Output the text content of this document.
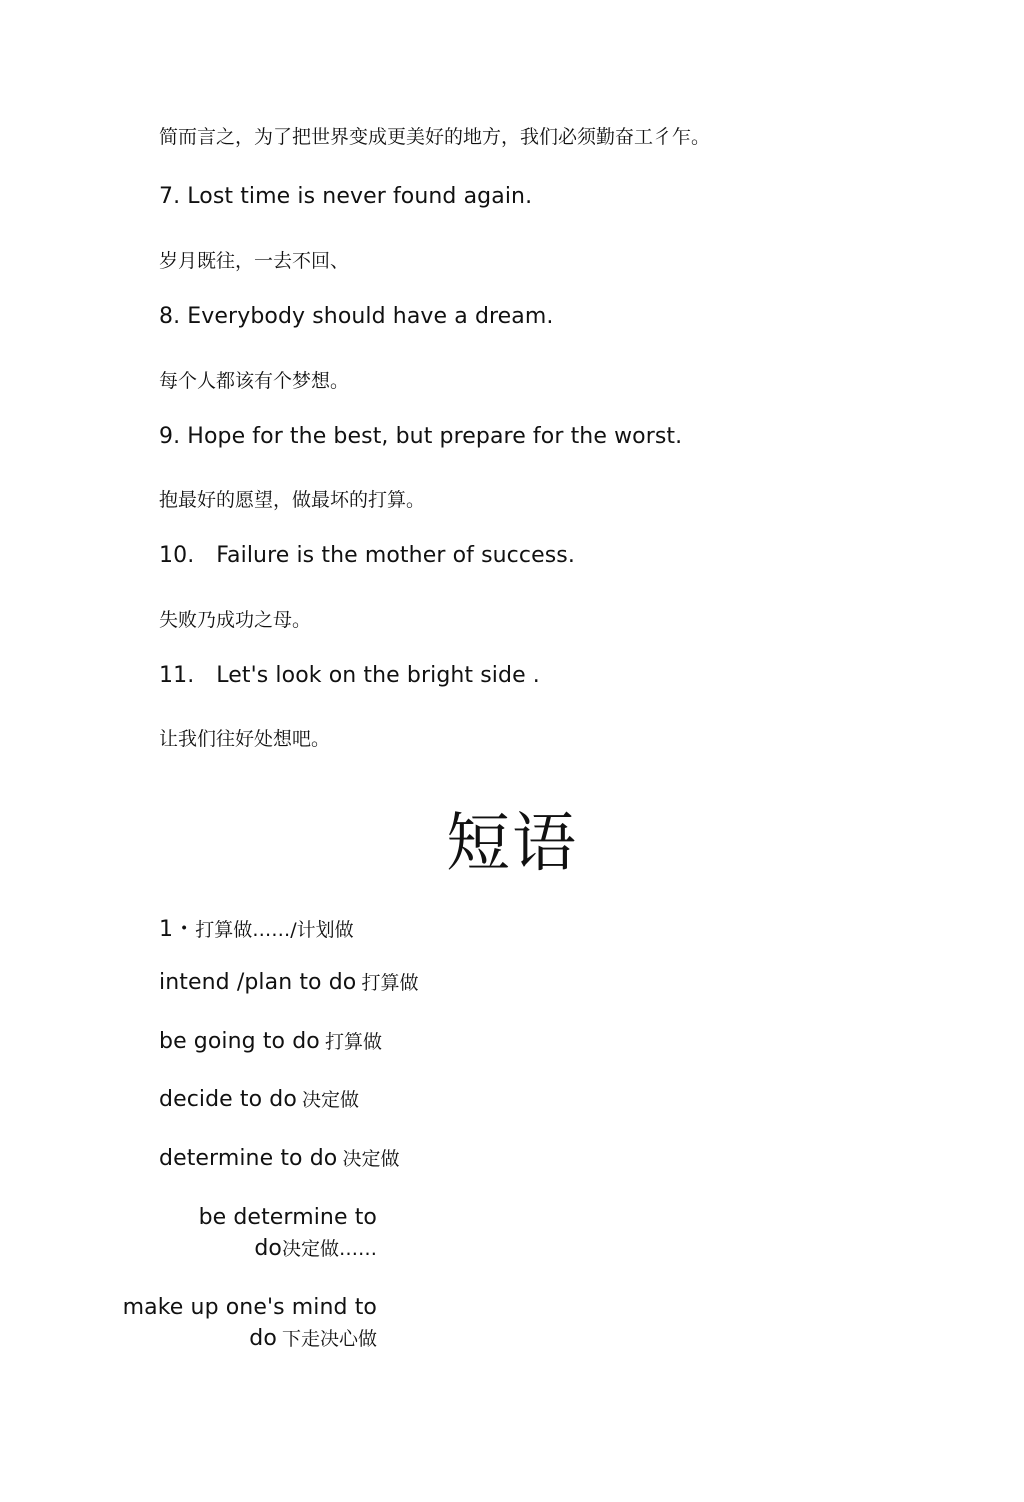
简而言之，为了把世界变成更美好的地方，我们必须勤奋工彳乍。
7. Lost time is never found again.
岁月既往，一去不回、
8. Everybody should have a dream.
每个人都该有个梦想。
9. Hope for the best, but prepare for the worst.
抱最好的愿望，做最坏的打算。
10. Failure is the mother of success.
失败乃成功之母。
11. Let's look on the bright side .
让我们往好处想吧。
短语
1・打算做……/计划做
intend /plan to do 打算做
be going to do 打算做
decide to do 决定做
determine to do 决定做
be determine to
do决定做……
make up one's mind to
do 下走决心做
